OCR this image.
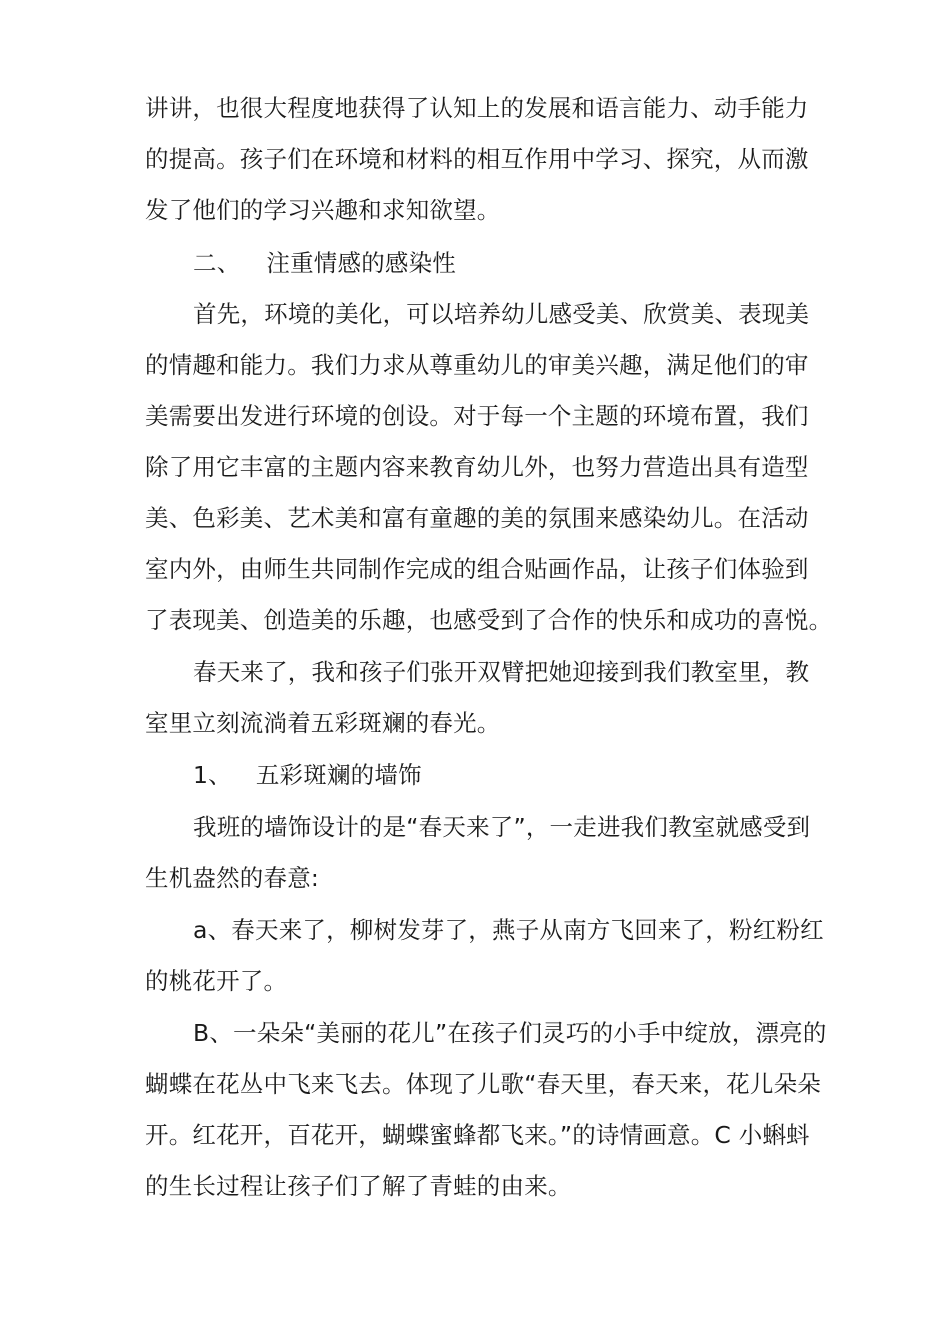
讲讲，也很大程度地获得了认知上的发展和语言能力、动手能力
的提高。孩子们在环境和材料的相互作用中学习、探究，从而激
发了他们的学习兴趣和求知欲望。
二、 注重情感的感染性
首先，环境的美化，可以培养幼儿感受美、欣赏美、表现美
的情趣和能力。我们力求从尊重幼儿的审美兴趣，满足他们的审
美需要出发进行环境的创设。对于每一个主题的环境布置，我们
除了用它丰富的主题内容来教育幼儿外，也努力营造出具有造型
美、色彩美、艺术美和富有童趣的美的氛围来感染幼儿。在活动
室内外，由师生共同制作完成的组合贴画作品，让孩子们体验到
了表现美、创造美的乐趣，也感受到了合作的快乐和成功的喜悦。
春天来了，我和孩子们张开双臂把她迎接到我们教室里，教
室里立刻流淌着五彩斑斓的春光。
1、 五彩斑斓的墙饰
我班的墙饰设计的是“春天来了”，一走进我们教室就感受到
生机盎然的春意:
a、春天来了，柳树发芽了，燕子从南方飞回来了，粉红粉红
的桃花开了。
B、一朵朵“美丽的花儿”在孩子们灵巧的小手中绽放，漂亮的
蝴蝶在花丛中飞来飞去。体现了儿歌“春天里，春天来，花儿朵朵
开。红花开，百花开，蝴蝶蜜蜂都飞来。”的诗情画意。C 小蝌蚪
的生长过程让孩子们了解了青蛙的由来。
